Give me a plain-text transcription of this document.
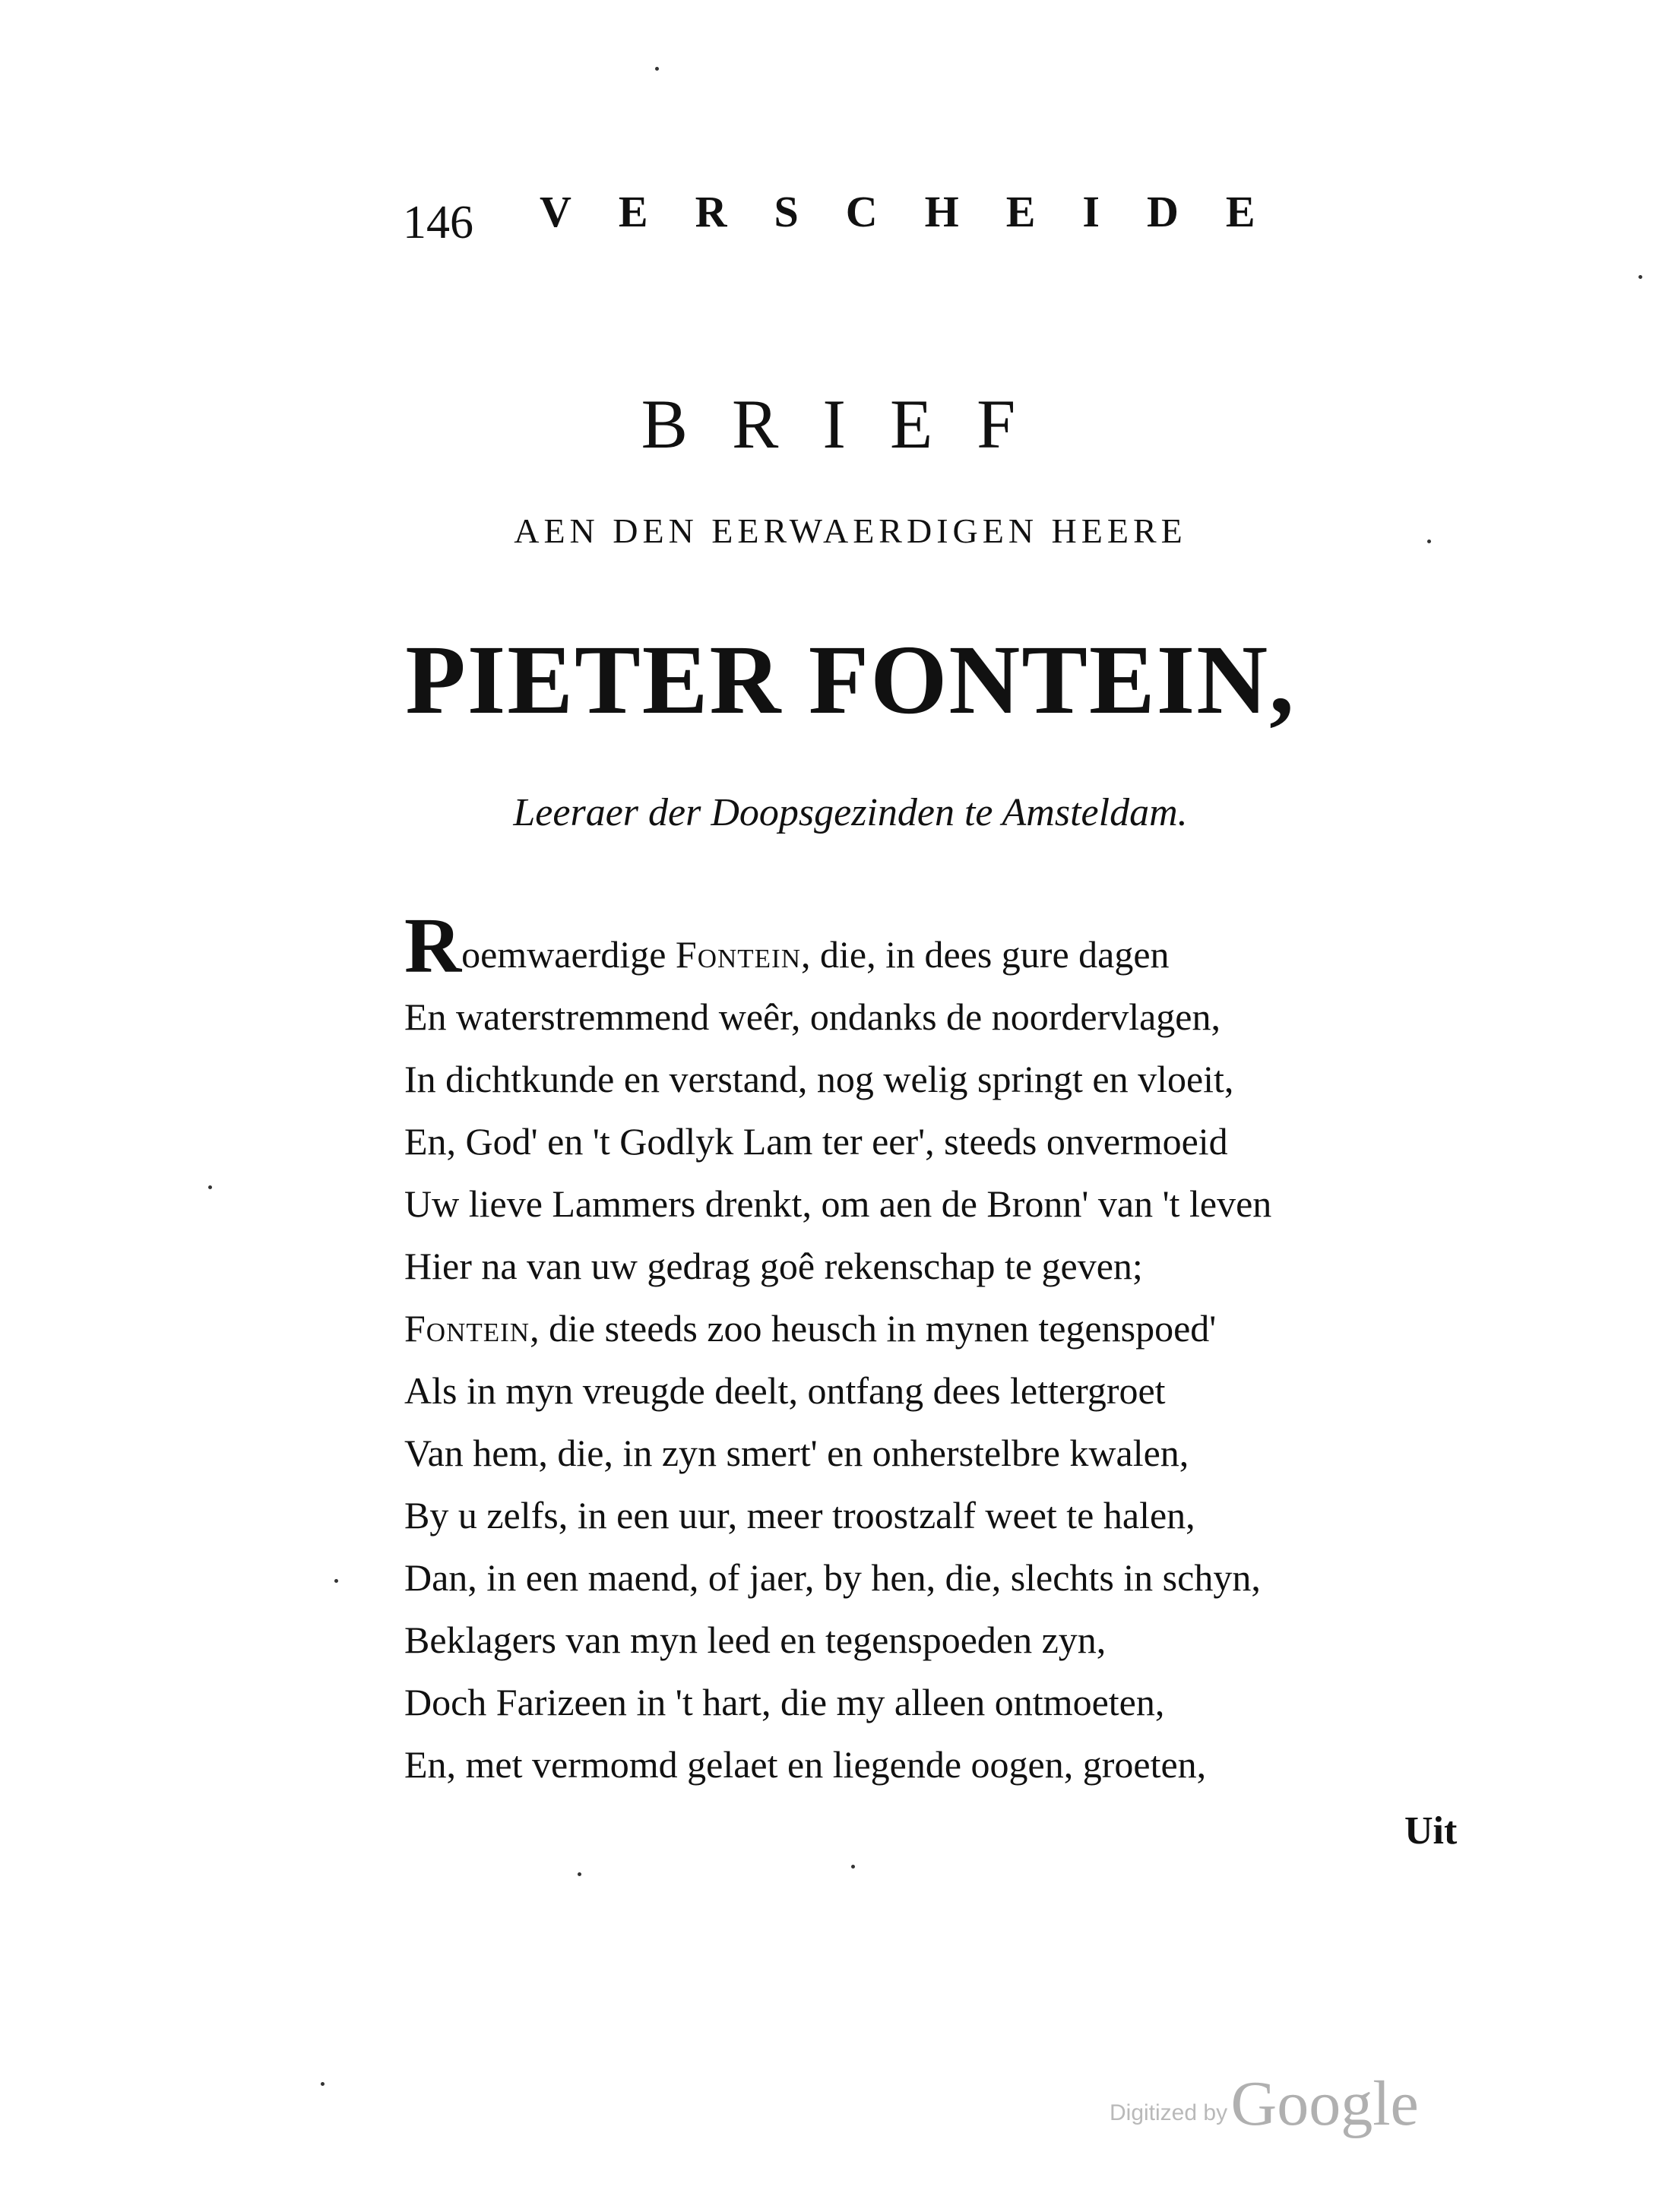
146 VERSCHEIDE
BRIEF
AEN DEN EERWAERDIGEN HEERE
PIETER FONTEIN,
Leeraer der Doopsgezinden te Amsteldam.
Roemwaerdige Fontein, die, in dees gure dagen
En waterstremmend weêr, ondanks de noordervlagen,
In dichtkunde en verstand, nog welig springt en vloeit,
En, God' en 't Godlyk Lam ter eer', steeds onvermoeid
Uw lieve Lammers drenkt, om aen de Bronn' van 't leven
Hier na van uw gedrag goê rekenschap te geven;
Fontein, die steeds zoo heusch in mynen tegenspoed'
Als in myn vreugde deelt, ontfang dees lettergroet
Van hem, die, in zyn smert' en onherstelbre kwalen,
By u zelfs, in een uur, meer troostzalf weet te halen,
Dan, in een maend, of jaer, by hen, die, slechts in schyn,
Beklagers van myn leed en tegenspoeden zyn,
Doch Farizeen in 't hart, die my alleen ontmoeten,
En, met vermomd gelaet en liegende oogen, groeten,
Uit
Digitized by Google
